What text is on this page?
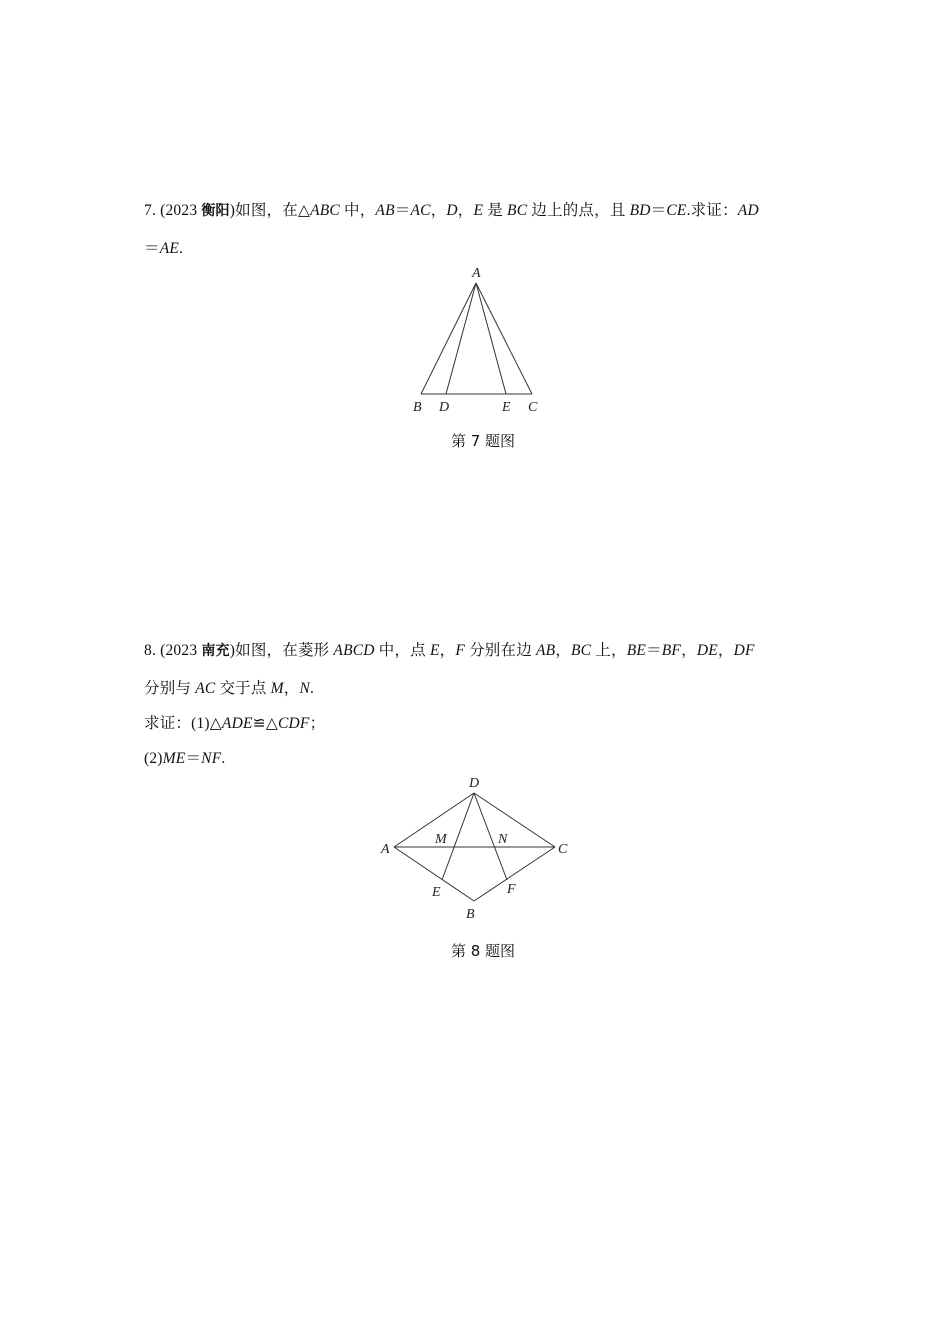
7. (2023 衡阳)如图，在△ABC 中，AB＝AC，D，E 是 BC 边上的点，且 BD＝CE.求证：AD
＝AE.
A
B D	E C
D
A	C
M	N
E	F
B
第 7 题图
8. (2023 南充)如图，在菱形 ABCD 中，点 E，F 分别在边 AB，BC 上，BE＝BF，DE，DF
分别与 AC 交于点 M，N.
求证：(1)△ADE≌△CDF；
(2)ME＝NF.
第 8 题图
